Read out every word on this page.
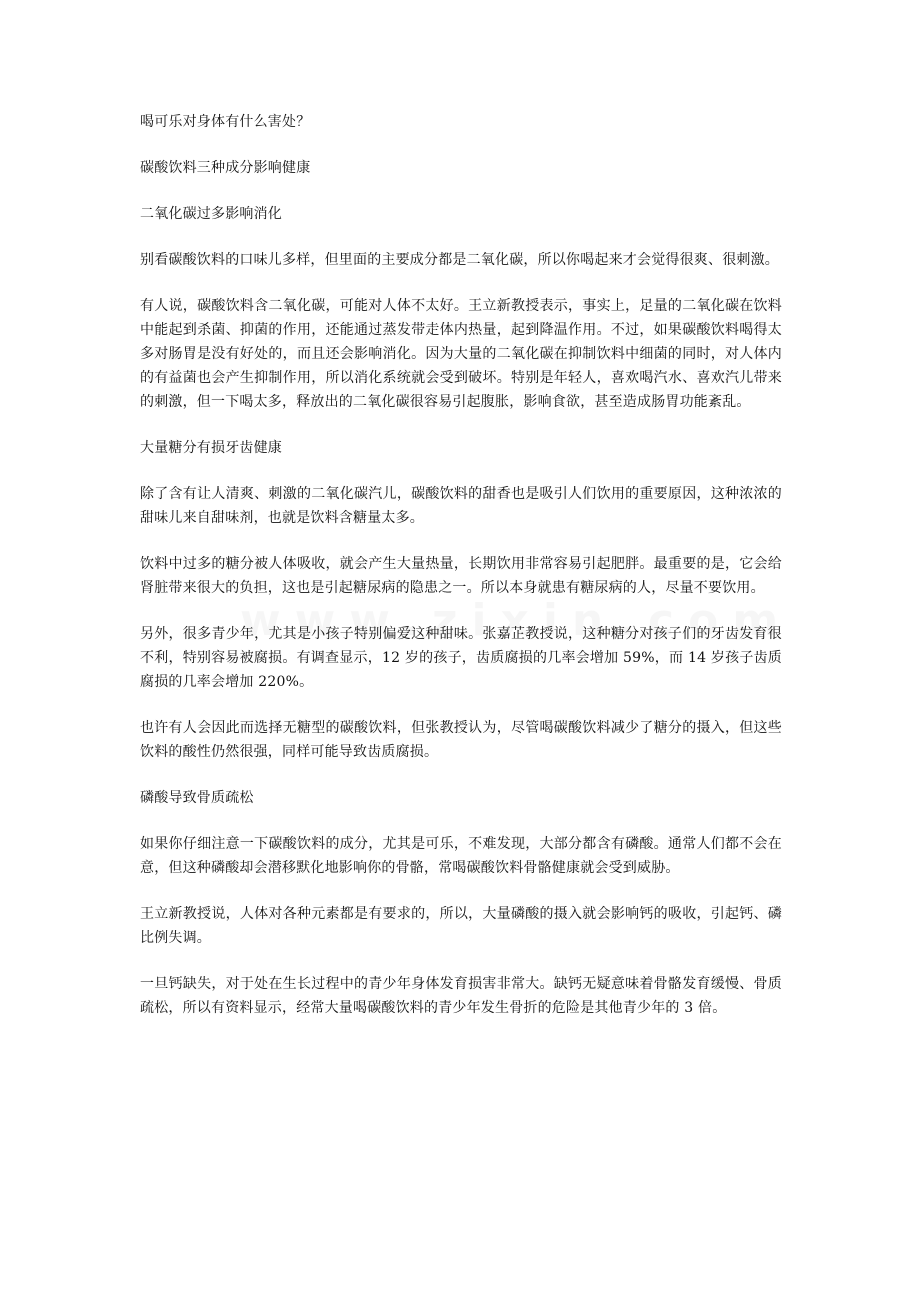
喝可乐对身体有什么害处？

碳酸饮料三种成分影响健康

二氧化碳过多影响消化

别看碳酸饮料的口味儿多样，但里面的主要成分都是二氧化碳，所以你喝起来才会觉得很爽、很刺激。

有人说，碳酸饮料含二氧化碳，可能对人体不太好。王立新教授表示，事实上，足量的二氧化碳在饮料中能起到杀菌、抑菌的作用，还能通过蒸发带走体内热量，起到降温作用。不过，如果碳酸饮料喝得太多对肠胃是没有好处的，而且还会影响消化。因为大量的二氧化碳在抑制饮料中细菌的同时，对人体内的有益菌也会产生抑制作用，所以消化系统就会受到破坏。特别是年轻人，喜欢喝汽水、喜欢汽儿带来的刺激，但一下喝太多，释放出的二氧化碳很容易引起腹胀，影响食欲，甚至造成肠胃功能紊乱。

大量糖分有损牙齿健康

除了含有让人清爽、刺激的二氧化碳汽儿，碳酸饮料的甜香也是吸引人们饮用的重要原因，这种浓浓的甜味儿来自甜味剂，也就是饮料含糖量太多。

饮料中过多的糖分被人体吸收，就会产生大量热量，长期饮用非常容易引起肥胖。最重要的是，它会给肾脏带来很大的负担，这也是引起糖尿病的隐患之一。所以本身就患有糖尿病的人，尽量不要饮用。

另外，很多青少年，尤其是小孩子特别偏爱这种甜味。张嘉芷教授说，这种糖分对孩子们的牙齿发育很不利，特别容易被腐损。有调查显示，12 岁的孩子，齿质腐损的几率会增加 59%，而 14 岁孩子齿质腐损的几率会增加 220%。

也许有人会因此而选择无糖型的碳酸饮料，但张教授认为，尽管喝碳酸饮料减少了糖分的摄入，但这些饮料的酸性仍然很强，同样可能导致齿质腐损。

磷酸导致骨质疏松

如果你仔细注意一下碳酸饮料的成分，尤其是可乐，不难发现，大部分都含有磷酸。通常人们都不会在意，但这种磷酸却会潜移默化地影响你的骨骼，常喝碳酸饮料骨骼健康就会受到威胁。

王立新教授说，人体对各种元素都是有要求的，所以，大量磷酸的摄入就会影响钙的吸收，引起钙、磷比例失调。

一旦钙缺失，对于处在生长过程中的青少年身体发育损害非常大。缺钙无疑意味着骨骼发育缓慢、骨质疏松，所以有资料显示，经常大量喝碳酸饮料的青少年发生骨折的危险是其他青少年的 3 倍。
